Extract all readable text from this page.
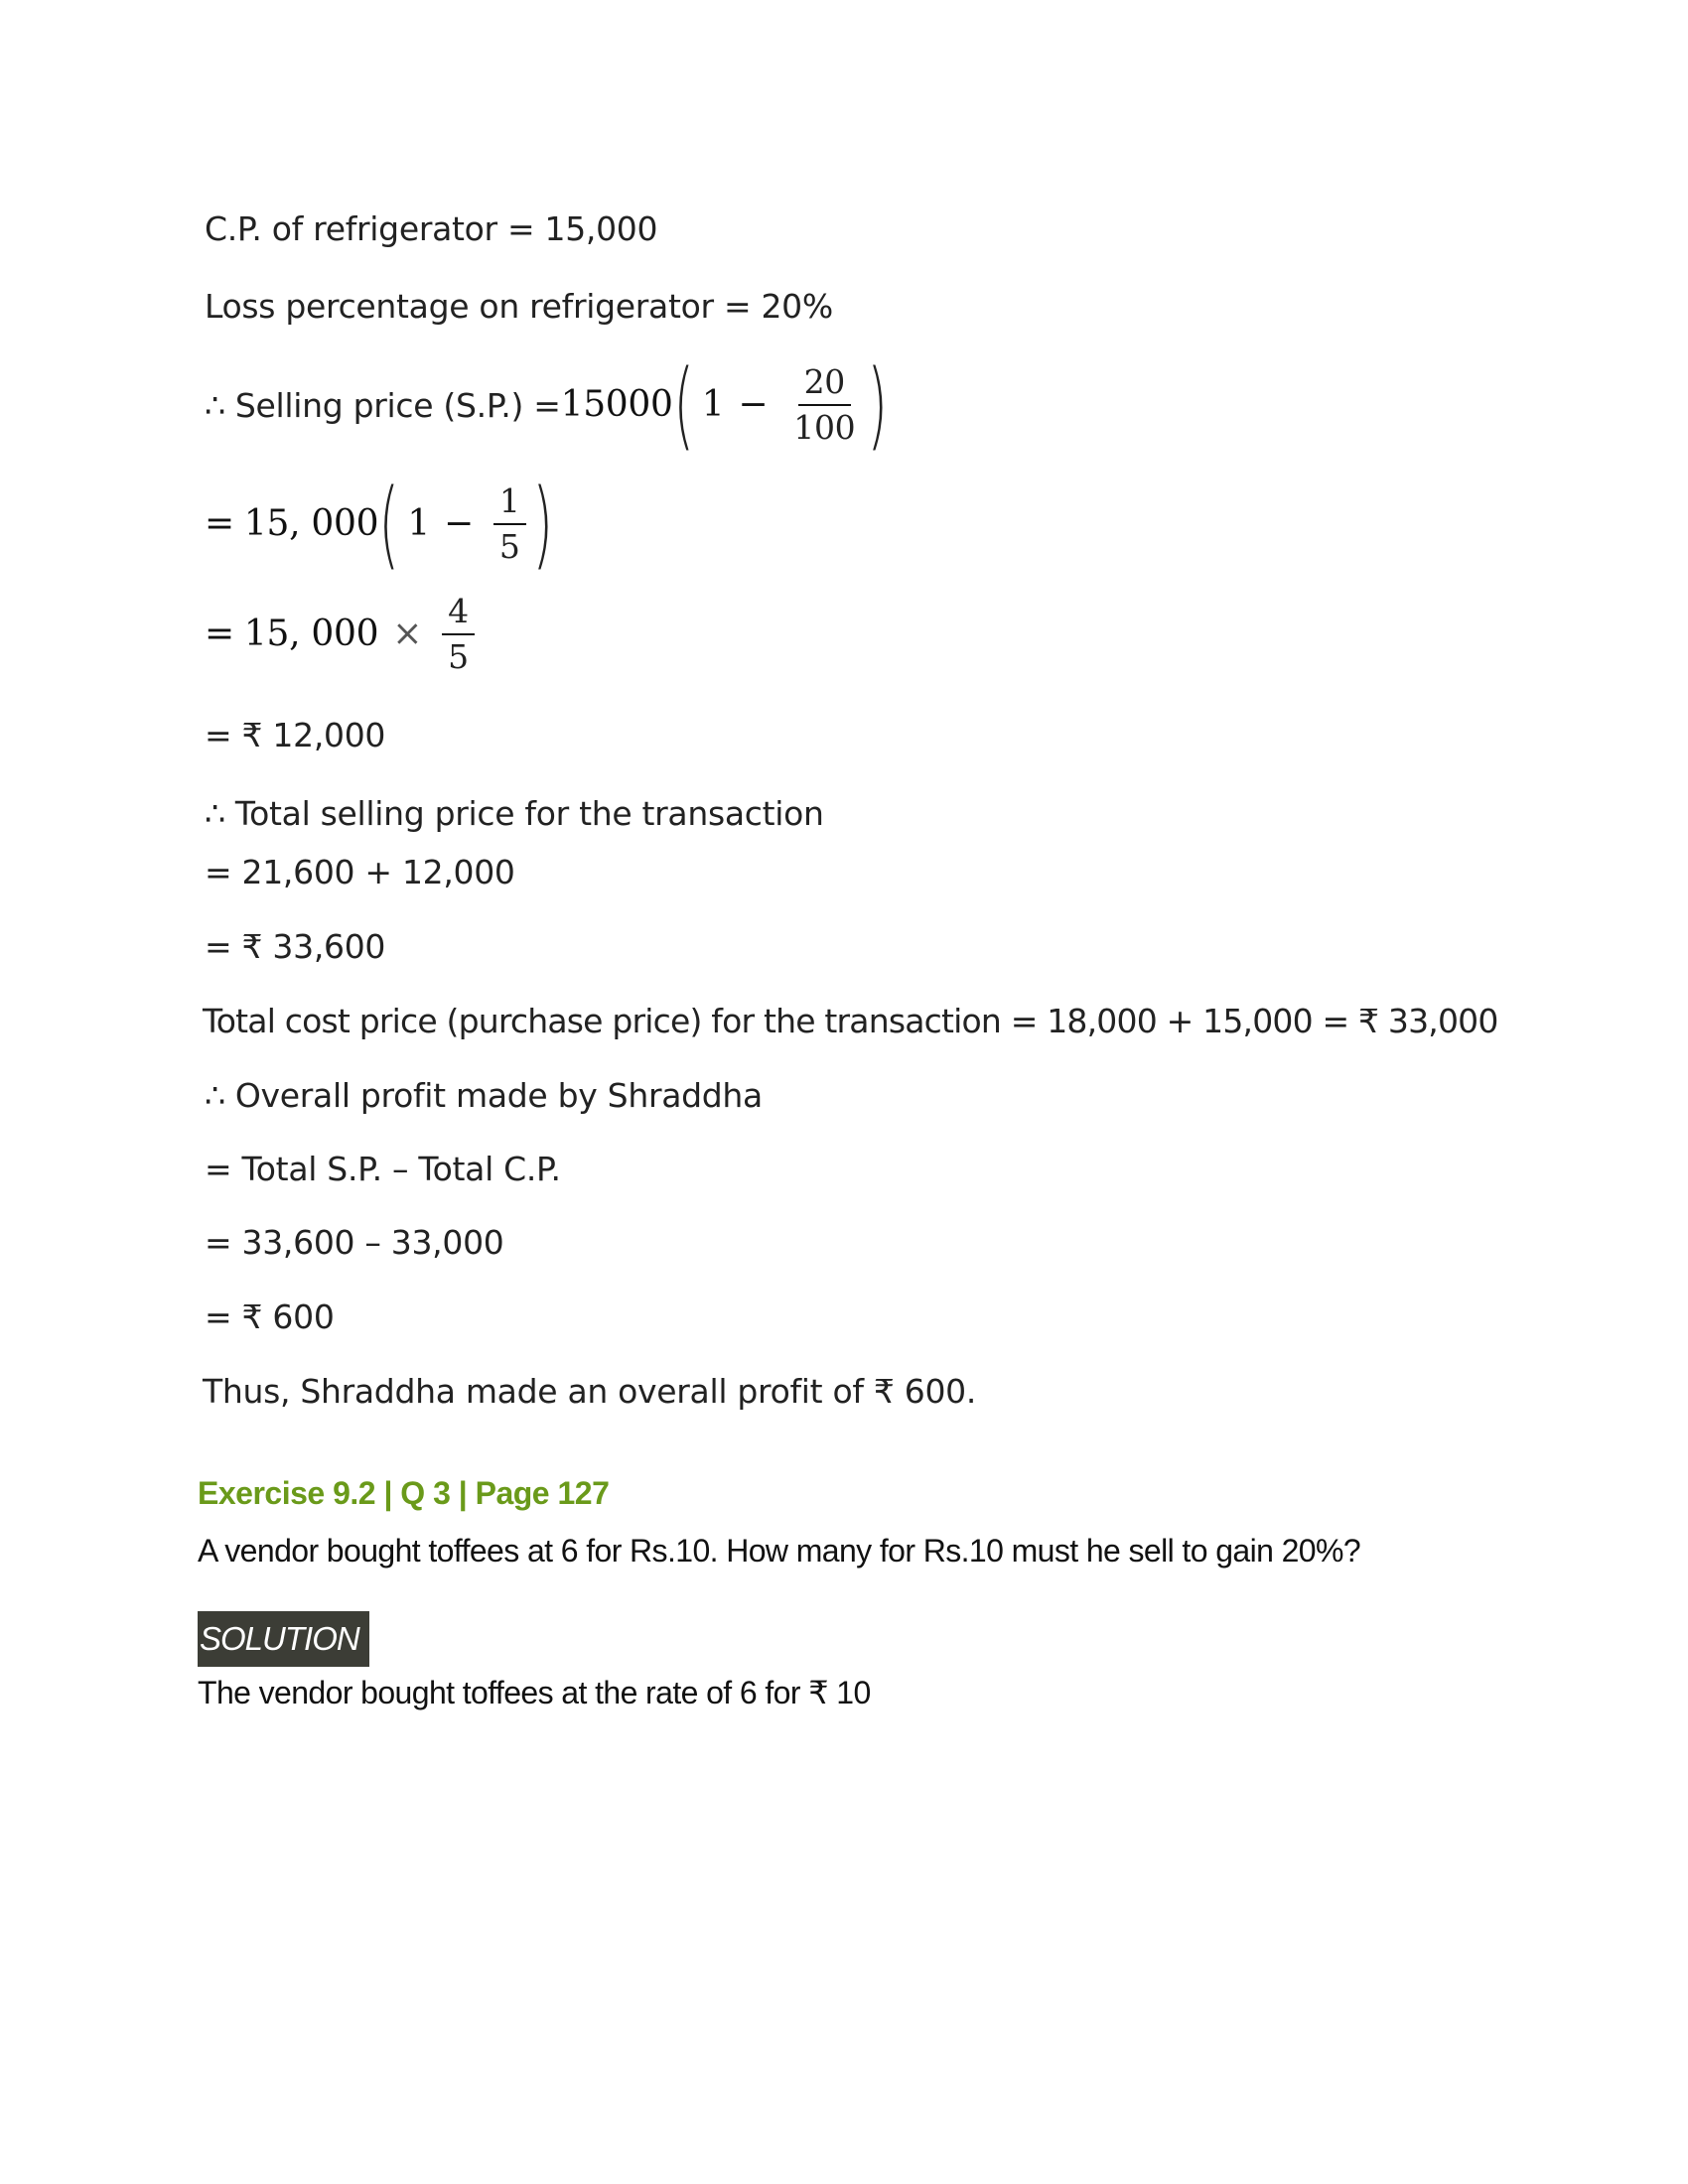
C.P. of refrigerator = 15,000
Loss percentage on refrigerator = 20%
∴ Selling price (S.P.) = 15000 ( $1 - \frac{20}{100}$ )
= 15, 000 ( $1 - \frac{1}{5}$ )
= 15, $000 \times \frac{4}{5}$
= ₹ 12,000
∴ Total selling price for the transaction
= 21,600 + 12,000
= ₹ 33,600
Total cost price (purchase price) for the transaction = 18,000 + 15,000 = ₹ 33,000
∴ Overall profit made by Shraddha
= Total S.P. – Total C.P.
= 33,600 – 33,000
= ₹ 600
Thus, Shraddha made an overall profit of ₹ 600.
Exercise 9.2 | Q 3 | Page 127
A vendor bought toffees at 6 for Rs.10. How many for Rs.10 must he sell to gain 20%?
SOLUTION
The vendor bought toffees at the rate of 6 for ₹ 10
